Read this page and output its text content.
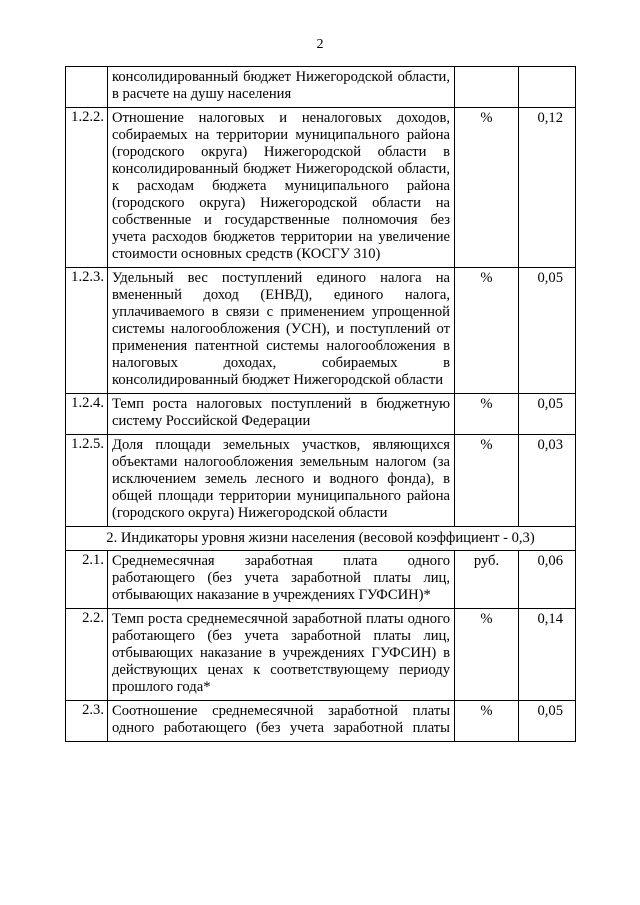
2
	консолидированный бюджет Нижегородской области, в расчете на душу населения		
1.2.2.	Отношение налоговых и неналоговых доходов, собираемых на территории муниципального района (городского округа) Нижегородской области в консолидированный бюджет Нижегородской области, к расходам бюджета муниципального района (городского округа) Нижегородской области на собственные и государственные полномочия без учета расходов бюджетов территории на увеличение стоимости основных средств (КОСГУ 310)	%	0,12
1.2.3.	Удельный вес поступлений единого налога на вмененный доход (ЕНВД), единого налога, уплачиваемого в связи с применением упрощенной системы налогообложения (УСН), и поступлений от применения патентной системы налогообложения в налоговых доходах, собираемых в консолидированный бюджет Нижегородской области	%	0,05
1.2.4.	Темп роста налоговых поступлений в бюджетную систему Российской Федерации	%	0,05
1.2.5.	Доля площади земельных участков, являющихся объектами налогообложения земельным налогом (за исключением земель лесного и водного фонда), в общей площади территории муниципального района (городского округа) Нижегородской области	%	0,03
2. Индикаторы уровня жизни населения (весовой коэффициент - 0,3)			
2.1.	Среднемесячная заработная плата одного работающего (без учета заработной платы лиц, отбывающих наказание в учреждениях ГУФСИН)*	руб.	0,06
2.2.	Темп роста среднемесячной заработной платы одного работающего (без учета заработной платы лиц, отбывающих наказание в учреждениях ГУФСИН) в действующих ценах к соответствующему периоду прошлого года*	%	0,14
2.3.	Соотношение среднемесячной заработной платы одного работающего (без учета заработной платы	%	0,05
